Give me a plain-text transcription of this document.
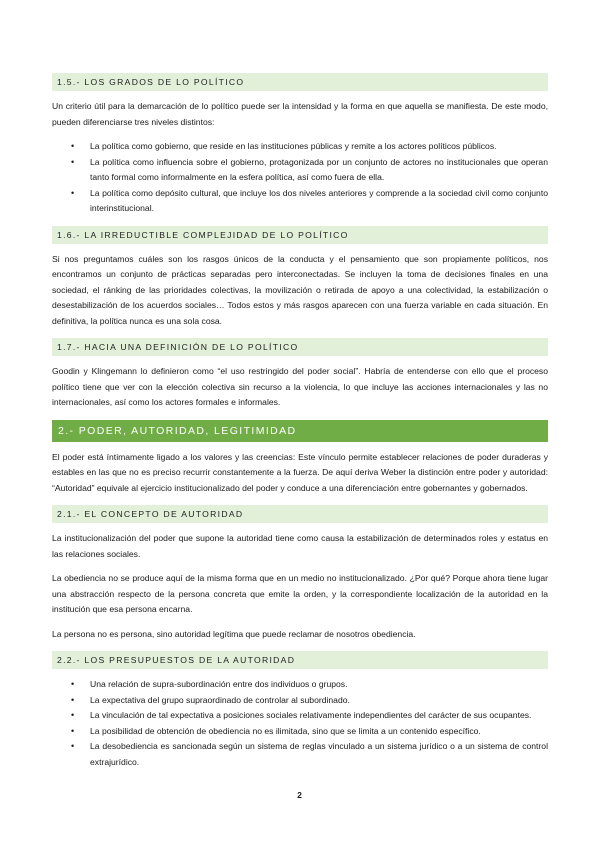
1.5.- LOS GRADOS DE LO POLÍTICO

Un criterio útil para la demarcación de lo político puede ser la intensidad y la forma en que aquella se manifiesta. De este modo, pueden diferenciarse tres niveles distintos:

• La política como gobierno, que reside en las instituciones públicas y remite a los actores políticos públicos.
• La política como influencia sobre el gobierno, protagonizada por un conjunto de actores no institucionales que operan tanto formal como informalmente en la esfera política, así como fuera de ella.
• La política como depósito cultural, que incluye los dos niveles anteriores y comprende a la sociedad civil como conjunto interinstitucional.
1.6.- LA IRREDUCTIBLE COMPLEJIDAD DE LO POLÍTICO

Si nos preguntamos cuáles son los rasgos únicos de la conducta y el pensamiento que son propiamente políticos, nos encontramos un conjunto de prácticas separadas pero interconectadas. Se incluyen la toma de decisiones finales en una sociedad, el ránking de las prioridades colectivas, la movilización o retirada de apoyo a una colectividad, la estabilización o desestabilización de los acuerdos sociales… Todos estos y más rasgos aparecen con una fuerza variable en cada situación. En definitiva, la política nunca es una sola cosa.

1.7.- HACIA UNA DEFINICIÓN DE LO POLÍTICO

Goodin y Klingemann lo definieron como “el uso restringido del poder social”. Habría de entenderse con ello que el proceso político tiene que ver con la elección colectiva sin recurso a la violencia, lo que incluye las acciones internacionales y las no internacionales, así como los actores formales e informales.

2.- PODER, AUTORIDAD, LEGITIMIDAD

El poder está íntimamente ligado a los valores y las creencias: Este vínculo permite establecer relaciones de poder duraderas y estables en las que no es preciso recurrir constantemente a la fuerza. De aquí deriva Weber la distinción entre poder y autoridad: “Autoridad” equivale al ejercicio institucionalizado del poder y conduce a una diferenciación entre gobernantes y gobernados.

2.1.- EL CONCEPTO DE AUTORIDAD

La institucionalización del poder que supone la autoridad tiene como causa la estabilización de determinados roles y estatus en las relaciones sociales.

La obediencia no se produce aquí de la misma forma que en un medio no institucionalizado. ¿Por qué? Porque ahora tiene lugar una abstracción respecto de la persona concreta que emite la orden, y la correspondiente localización de la autoridad en la institución que esa persona encarna.

La persona no es persona, sino autoridad legítima que puede reclamar de nosotros obediencia.

2.2.- LOS PRESUPUESTOS DE LA AUTORIDAD
• Una relación de supra-subordinación entre dos individuos o grupos.
• La expectativa del grupo supraordinado de controlar al subordinado.
• La vinculación de tal expectativa a posiciones sociales relativamente independientes del carácter de sus ocupantes.
• La posibilidad de obtención de obediencia no es ilimitada, sino que se limita a un contenido específico.
• La desobediencia es sancionada según un sistema de reglas vinculado a un sistema jurídico o a un sistema de control extrajurídico.
2
